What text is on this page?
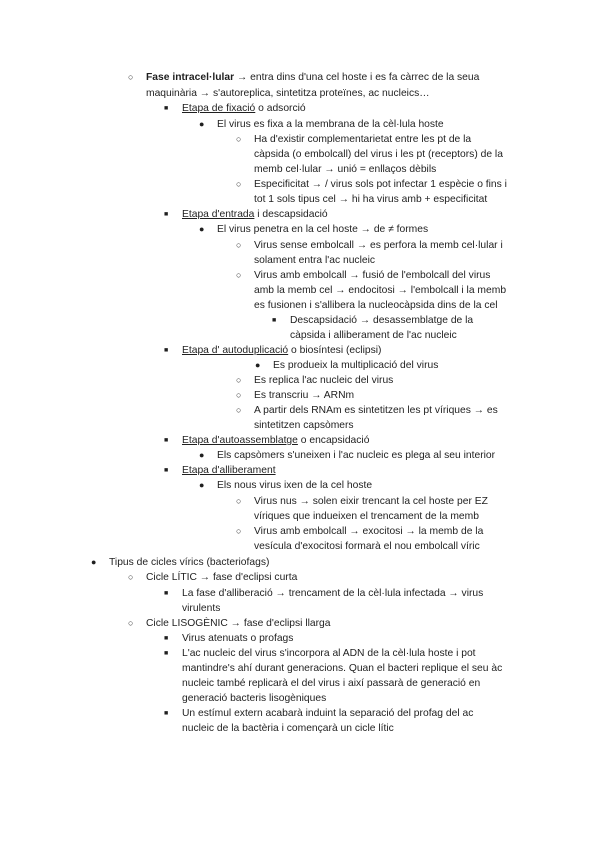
○ Fase intracel·lular → entra dins d'una cel hoste i es fa càrrec de la seua
maquinària → s'autoreplica, sintetitza proteïnes, ac nucleics…
■ Etapa de fixació o adsorció
● El virus es fixa a la membrana de la cèl·lula hoste
○ Ha d'existir complementarietat entre les pt de la
càpsida (o embolcall) del virus i les pt (receptors) de la
memb cel·lular → unió = enllaços dèbils
○ Especificitat → / virus sols pot infectar 1 espècie o fins i
tot 1 sols tipus cel → hi ha virus amb + especificitat
■ Etapa d'entrada i descapsidació
● El virus penetra en la cel hoste → de ≠ formes
○ Virus sense embolcall → es perfora la memb cel·lular i
solament entra l'ac nucleic
○ Virus amb embolcall → fusió de l'embolcall del virus
amb la memb cel → endocitosi → l'embolcall i la memb
es fusionen i s'allibera la nucleocàpsida dins de la cel
■ Descapsidació → desassemblatge de la
càpsida i alliberament de l'ac nucleic
■ Etapa d' autoduplicació o biosíntesi (eclipsi)
● Es produeix la multiplicació del virus
○ Es replica l'ac nucleic del virus
○ Es transcriu → ARNm
○ A partir dels RNAm es sintetitzen les pt víriques → es
sintetitzen capsòmers
■ Etapa d'autoassemblatge o encapsidació
● Els capsòmers s'uneixen i l'ac nucleic es plega al seu interior
■ Etapa d'alliberament
● Els nous virus ixen de la cel hoste
○ Virus nus → solen eixir trencant la cel hoste per EZ
víriques que indueixen el trencament de la memb
○ Virus amb embolcall → exocitosi → la memb de la
vesícula d'exocitosi formarà el nou embolcall víric
● Tipus de cicles vírics (bacteriofags)
○ Cicle LÍTIC → fase d'eclipsi curta
■ La fase d'alliberació → trencament de la cèl·lula infectada → virus
virulents
○ Cicle LISOGÈNIC → fase d'eclipsi llarga
■ Virus atenuats o profags
■ L'ac nucleic del virus s'incorpora al ADN de la cèl·lula hoste i pot
mantindre's ahí durant generacions. Quan el bacteri replique el seu àc
nucleic també replicarà el del virus i així passarà de generació en
generació bacteris lisogèniques
■ Un estímul extern acabarà induint la separació del profag del ac
nucleic de la bactèria i començarà un cicle lític
